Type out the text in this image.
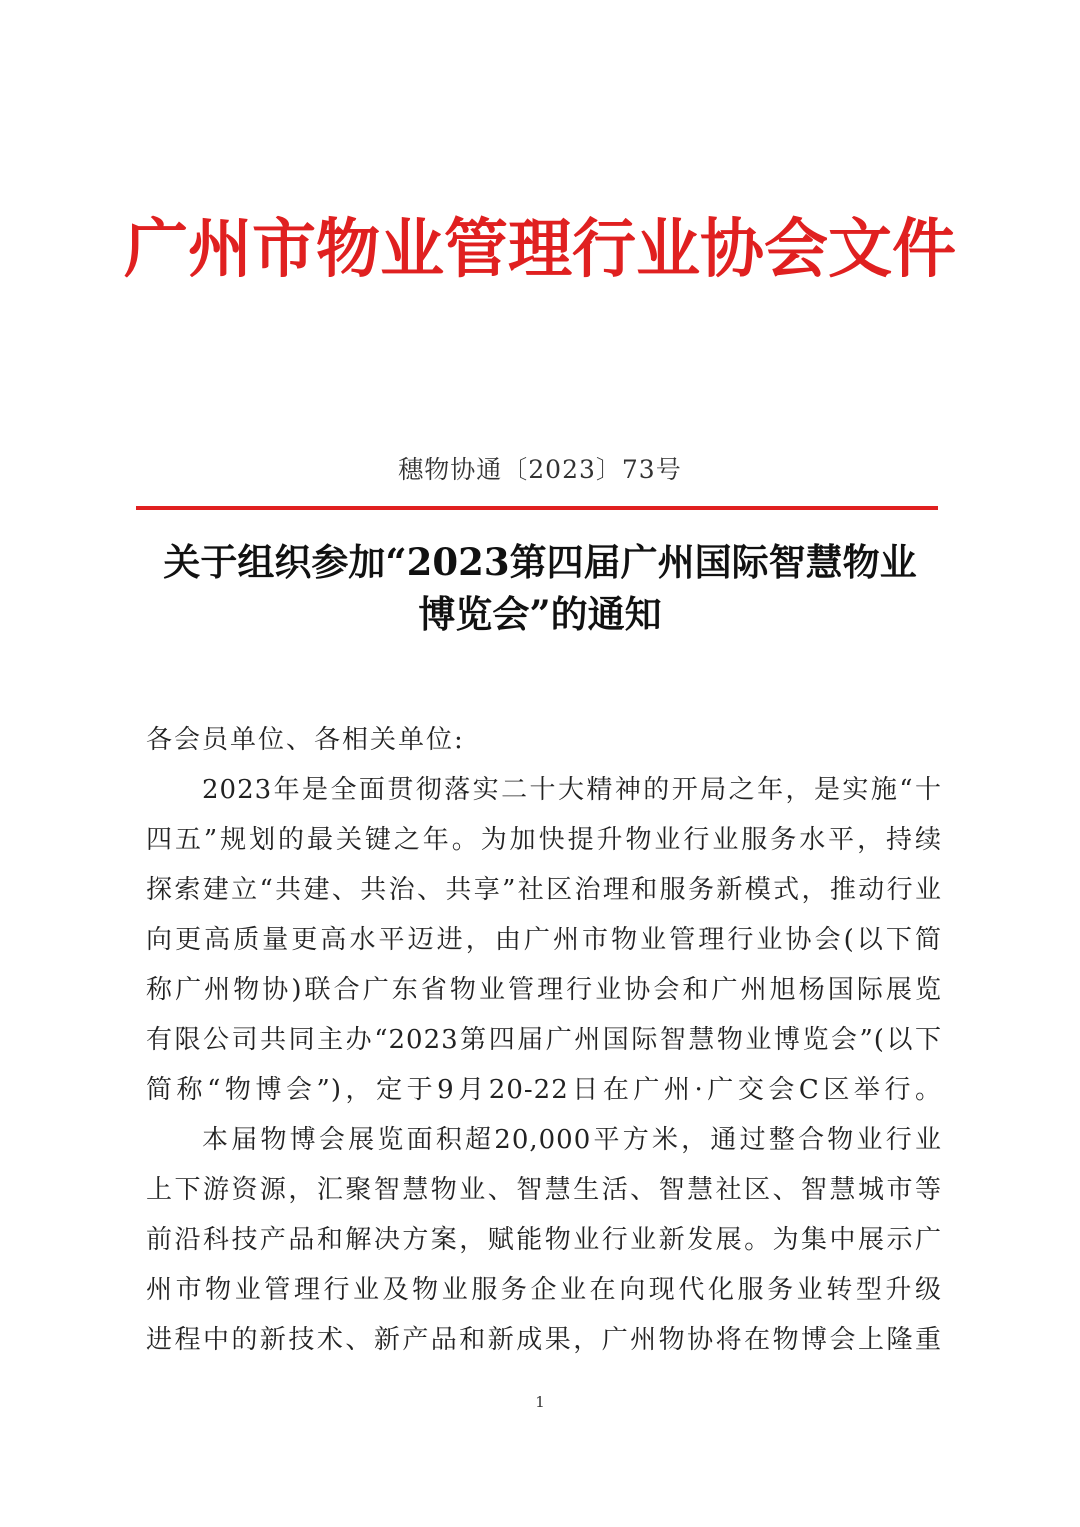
广州市物业管理行业协会文件
穗物协通〔2023〕73号
关于组织参加“2023第四届广州国际智慧物业
博览会”的通知
各会员单位、各相关单位:
2023年是全面贯彻落实二十大精神的开局之年，是实施“十
四五”规划的最关键之年。为加快提升物业行业服务水平，持续
探索建立“共建、共治、共享”社区治理和服务新模式，推动行业
向更高质量更高水平迈进，由广州市物业管理行业协会(以下简
称广州物协)联合广东省物业管理行业协会和广州旭杨国际展览
有限公司共同主办“2023第四届广州国际智慧物业博览会”(以下
简称“物博会”)，定于9月20-22日在广州·广交会C区举行。
本届物博会展览面积超20,000平方米，通过整合物业行业
上下游资源，汇聚智慧物业、智慧生活、智慧社区、智慧城市等
前沿科技产品和解决方案，赋能物业行业新发展。为集中展示广
州市物业管理行业及物业服务企业在向现代化服务业转型升级
进程中的新技术、新产品和新成果，广州物协将在物博会上隆重
1
